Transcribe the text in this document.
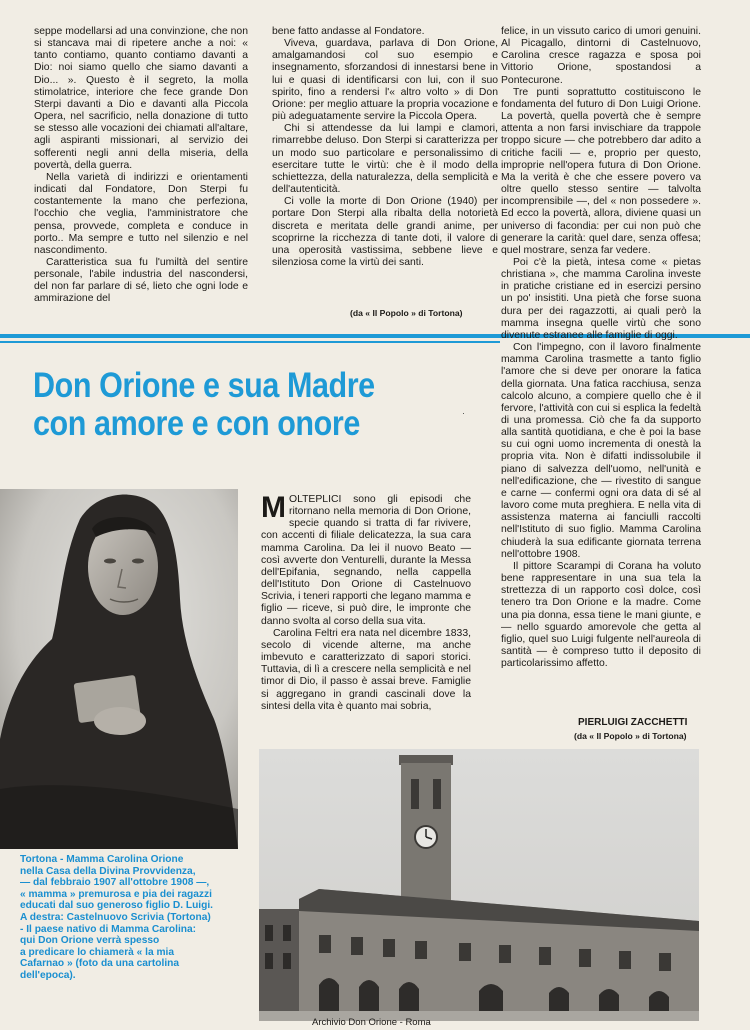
seppe modellarsi ad una convinzione, che non si stancava mai di ripetere anche a noi: « tanto contiamo, quanto contiamo davanti a Dio: noi siamo quello che siamo davanti a Dio... ». Questo è il segreto, la molla stimolatrice, interiore che fece grande Don Sterpi davanti a Dio e davanti alla Piccola Opera, nel sacrificio, nella donazione di tutto se stesso alle vocazioni dei chiamati all'altare, agli aspiranti missionari, al servizio dei sofferenti negli anni della miseria, della povertà, della guerra.

Nella varietà di indirizzi e orientamenti indicati dal Fondatore, Don Sterpi fu costantemente la mano che perfeziona, l'occhio che veglia, l'amministratore che pensa, provvede, completa e conduce in porto.. Ma sempre e tutto nel silenzio e nel nascondimento.

Caratteristica sua fu l'umiltà del sentire personale, l'abile industria del nascondersi, del non far parlare di sé, lieto che ogni lode e ammirazione del

bene fatto andasse al Fondatore.

Viveva, guardava, parlava di Don Orione, amalgamandosi col suo esempio e insegnamento, sforzandosi di innestarsi bene in lui e quasi di identificarsi con lui, con il suo spirito, fino a rendersi l'« altro volto » di Don Orione: per meglio attuare la propria vocazione e più adeguatamente servire la Piccola Opera.

Chi si attendesse da lui lampi e clamori, rimarrebbe deluso. Don Sterpi si caratterizza per un modo suo particolare e personalissimo di esercitare tutte le virtù: che è il modo della schiettezza, della naturalezza, della semplicità e dell'autenticità.

Ci volle la morte di Don Orione (1940) per portare Don Sterpi alla ribalta della notorietà discreta e meritata delle grandi anime, per scoprirne la ricchezza di tante doti, il valore di una operosità vastissima, sebbene lieve e silenziosa come la virtù dei santi.

(da « Il Popolo » di Tortona)
Don Orione e sua Madre
con amore e con onore	·
Tortona - Mamma Carolina Orione
nella Casa della Divina Provvidenza,
— dal febbraio 1907 all'ottobre 1908 —,
« mamma » premurosa e pia dei ragazzi
educati dal suo generoso figlio D. Luigi.
A destra: Castelnuovo Scrivia (Tortona)
- Il paese nativo di Mamma Carolina:
qui Don Orione verrà spesso
a predicare lo chiamerà « la mia
Cafarnao » (foto da una cartolina
dell'epoca).

MOLTEPLICI sono gli episodi che ritornano nella memoria di Don Orione, specie quando si tratta di far rivivere, con accenti di filiale delicatezza, la sua cara mamma Carolina. Da lei il nuovo Beato — così avverte don Venturelli, durante la Messa dell'Epifania, segnando, nella cappella dell'Istituto Don Orione di Castelnuovo Scrivia, i teneri rapporti che legano mamma e figlio — riceve, si può dire, le impronte che danno svolta al corso della sua vita.

Carolina Feltri era nata nel dicembre 1833, secolo di vicende alterne, ma anche imbevuto e caratterizzato di sapori storici. Tuttavia, di lì a crescere nella semplicità e nel timor di Dio, il passo è assai breve. Famiglie si aggregano in grandi cascinali dove la sintesi della vita è quanto mai sobria,

felice, in un vissuto carico di umori genuini. Al Picagallo, dintorni di Castelnuovo, Carolina cresce ragazza e sposa poi Vittorio Orione, spostandosi a Pontecurone.

Tre punti soprattutto costituiscono le fondamenta del futuro di Don Luigi Orione. La povertà, quella povertà che è sempre attenta a non farsi invischiare da trappole troppo sicure — che potrebbero dar adito a critiche facili — e, proprio per questo, improprie nell'opera futura di Don Orione. Ma la verità è che che essere povero va oltre quello stesso sentire — talvolta incomprensibile —, del « non possedere ». Ed ecco la povertà, allora, diviene quasi un universo di facondia: per cui non può che generare la carità: quel dare, senza offesa; quel mostrare, senza far vedere.

Poi c'è la pietà, intesa come « pietas christiana », che mamma Carolina investe in pratiche cristiane ed in esercizi persino un po' insistiti. Una pietà che forse suona dura per dei ragazzotti, ai quali però la mamma insegna quelle virtù che sono divenute estranee alle famiglie di oggi.

Con l'impegno, con il lavoro finalmente mamma Carolina trasmette a tanto figlio l'amore che si deve per onorare la fatica della giornata. Una fatica racchiusa, senza calcolo alcuno, a compiere quello che è il fervore, l'attività con cui si esplica la fedeltà di una promessa. Ciò che fa da supporto alla santità quotidiana, e che è poi la base su cui ogni uomo incrementa di onestà la propria vita. Non è difatti indissolubile il piano di salvezza dell'uomo, nell'unità e nell'edificazione, che — rivestito di sangue e carne — confermi ogni ora data di sé al lavoro come muta preghiera. E nella vita di assistenza materna ai fanciulli raccolti nell'Istituto di suo figlio. Mamma Carolina chiuderà la sua edificante giornata terrena nell'ottobre 1908.

Il pittore Scarampi di Corana ha voluto bene rappresentare in una sua tela la strettezza di un rapporto così dolce, così tenero tra Don Orione e la madre. Come una pia donna, essa tiene le mani giunte, e — nello sguardo amorevole che getta al figlio, quel suo Luigi fulgente nell'aureola di santità — è compreso tutto il deposito di particolarissimo affetto.

PIERLUIGI ZACCHETTI
(da « Il Popolo » di Tortona)
Archivio Don Orione - Roma
